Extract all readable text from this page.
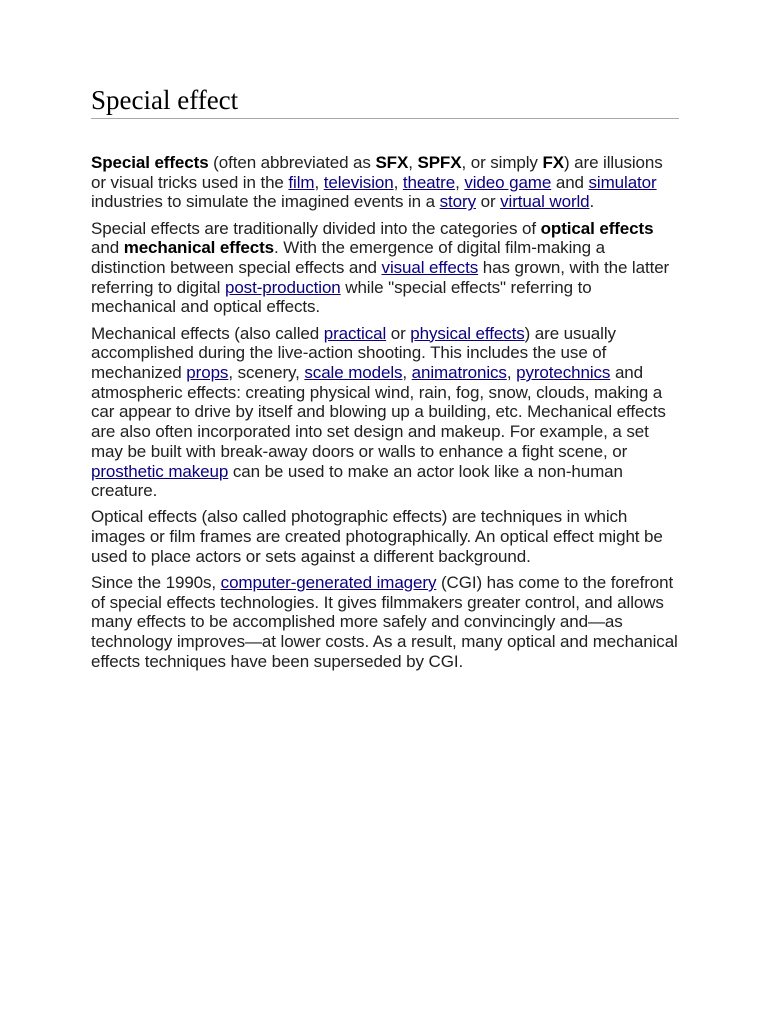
Special effect

Special effects (often abbreviated as SFX, SPFX, or simply FX) are illusions or visual tricks used in the film, television, theatre, video game and simulator industries to simulate the imagined events in a story or virtual world.

Special effects are traditionally divided into the categories of optical effects and mechanical effects. With the emergence of digital film-making a distinction between special effects and visual effects has grown, with the latter referring to digital post-production while "special effects" referring to mechanical and optical effects.

Mechanical effects (also called practical or physical effects) are usually accomplished during the live-action shooting. This includes the use of mechanized props, scenery, scale models, animatronics, pyrotechnics and atmospheric effects: creating physical wind, rain, fog, snow, clouds, making a car appear to drive by itself and blowing up a building, etc. Mechanical effects are also often incorporated into set design and makeup. For example, a set may be built with break-away doors or walls to enhance a fight scene, or prosthetic makeup can be used to make an actor look like a non-human creature.

Optical effects (also called photographic effects) are techniques in which images or film frames are created photographically. An optical effect might be used to place actors or sets against a different background.

Since the 1990s, computer-generated imagery (CGI) has come to the forefront of special effects technologies. It gives filmmakers greater control, and allows many effects to be accomplished more safely and convincingly and—as technology improves—at lower costs. As a result, many optical and mechanical effects techniques have been superseded by CGI.
